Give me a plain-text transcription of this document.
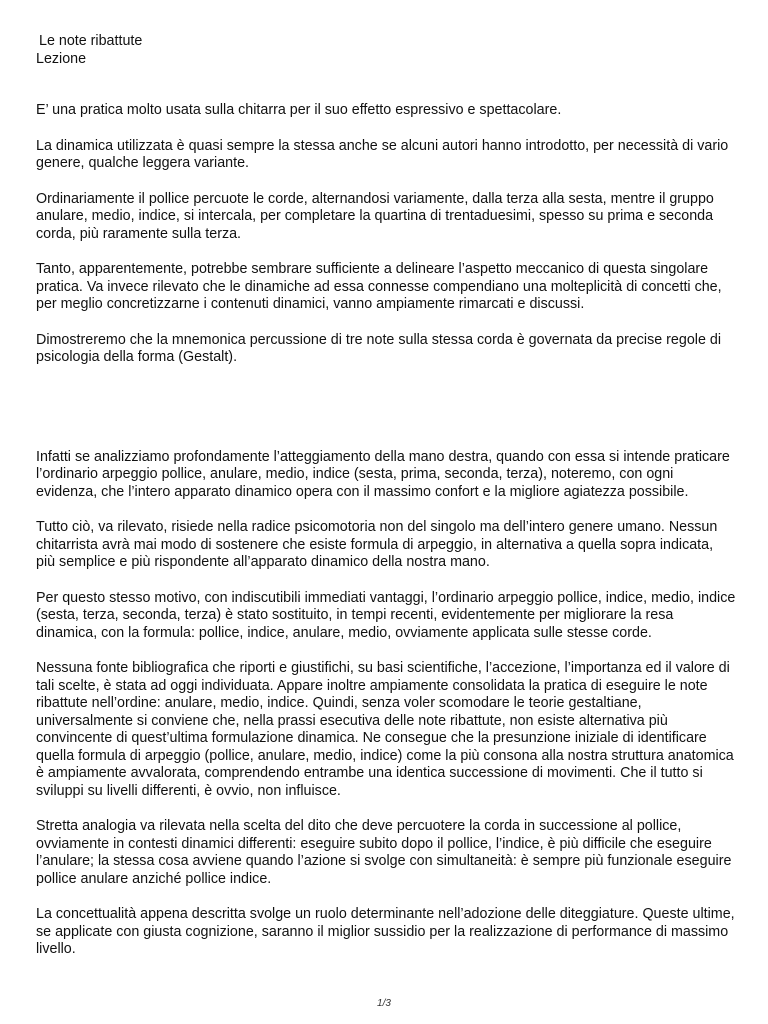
Le note ribattute

Lezione

E’ una pratica molto usata sulla chitarra per il suo effetto espressivo e spettacolare.

La dinamica utilizzata è quasi sempre la stessa anche se alcuni autori hanno introdotto, per necessità di vario genere, qualche leggera variante.

Ordinariamente il pollice percuote le corde, alternandosi variamente, dalla terza alla sesta, mentre il gruppo anulare, medio, indice, si intercala, per completare la quartina di trentaduesimi, spesso su prima e seconda corda, più raramente sulla terza.

Tanto, apparentemente, potrebbe sembrare sufficiente a delineare l’aspetto meccanico di questa singolare pratica. Va invece rilevato che le dinamiche ad essa connesse compendiano una molteplicità di concetti che, per meglio concretizzarne i contenuti dinamici, vanno ampiamente rimarcati e discussi.

Dimostreremo che la mnemonica percussione di tre note sulla stessa corda è governata da precise regole di psicologia della forma (Gestalt).

Infatti se analizziamo profondamente l’atteggiamento della mano destra, quando con essa si intende praticare l’ordinario arpeggio pollice, anulare, medio, indice (sesta, prima, seconda, terza), noteremo, con ogni evidenza, che l’intero apparato dinamico opera con il massimo confort e la migliore agiatezza possibile.

Tutto ciò, va rilevato, risiede nella radice psicomotoria non del singolo ma dell’intero genere umano. Nessun chitarrista avrà mai modo di sostenere che esiste formula di arpeggio, in alternativa a quella sopra indicata, più semplice e più rispondente all’apparato dinamico della nostra mano.

Per questo stesso motivo, con indiscutibili immediati vantaggi, l’ordinario arpeggio pollice, indice, medio, indice (sesta, terza, seconda, terza) è stato sostituito, in tempi recenti, evidentemente per migliorare la resa dinamica, con la formula: pollice, indice, anulare, medio, ovviamente applicata sulle stesse corde.

Nessuna fonte bibliografica che riporti e giustifichi, su basi scientifiche, l’accezione, l’importanza ed il valore di tali scelte, è stata ad oggi individuata. Appare inoltre ampiamente consolidata la pratica di eseguire le note ribattute nell’ordine: anulare, medio, indice. Quindi, senza voler scomodare le teorie gestaltiane, universalmente si conviene che, nella prassi esecutiva delle note ribattute, non esiste alternativa più convincente di quest’ultima formulazione dinamica. Ne consegue che la presunzione iniziale di identificare quella formula di arpeggio (pollice, anulare, medio, indice) come la più consona alla nostra struttura anatomica è ampiamente avvalorata, comprendendo entrambe una identica successione di movimenti. Che il tutto si sviluppi su livelli differenti, è ovvio, non influisce.

Stretta analogia va rilevata nella scelta del dito che deve percuotere la corda in successione al pollice, ovviamente in contesti dinamici differenti: eseguire subito dopo il pollice, l’indice, è più difficile che eseguire l’anulare; la stessa cosa avviene quando l’azione si svolge con simultaneità: è sempre più funzionale eseguire pollice anulare anziché pollice indice.

La concettualità appena descritta svolge un ruolo determinante nell’adozione delle diteggiature. Queste ultime, se applicate con giusta cognizione, saranno il miglior sussidio per la realizzazione di performance di massimo livello.

1/3
